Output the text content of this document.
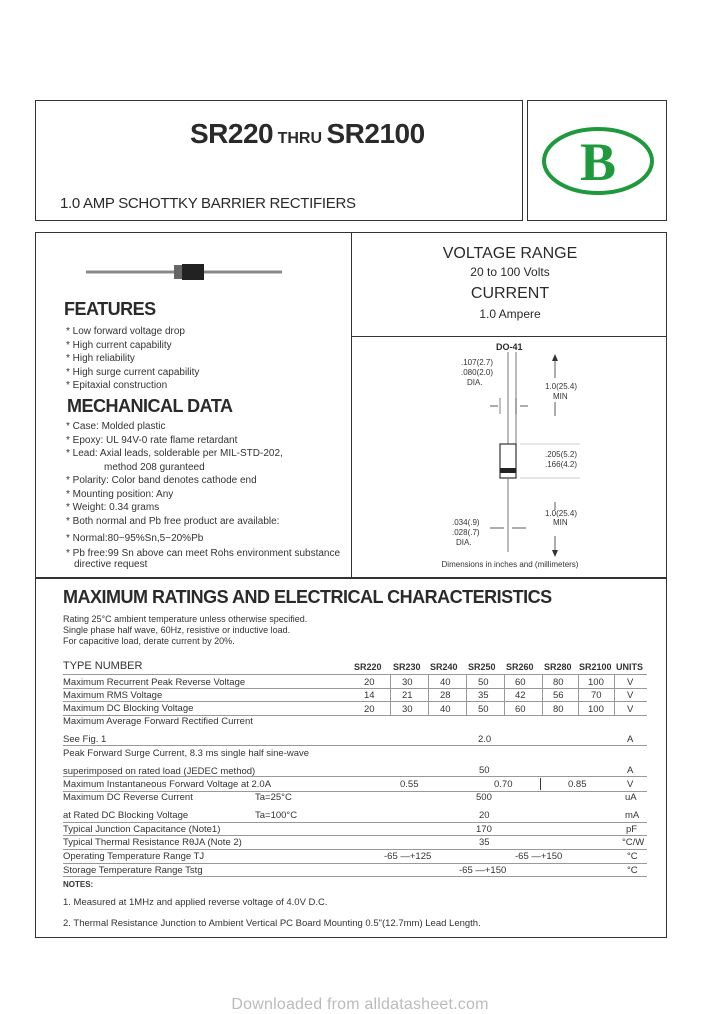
SR220 THRU SR2100
1.0 AMP SCHOTTKY BARRIER RECTIFIERS
B
VOLTAGE RANGE
20 to 100 Volts
CURRENT
1.0 Ampere
FEATURES
* Low forward voltage drop
* High current capability
* High reliability
* High surge current capability
* Epitaxial construction
MECHANICAL DATA
* Case: Molded plastic
* Epoxy: UL 94V-0 rate flame retardant
* Lead: Axial leads, solderable per MIL-STD-202,
method 208 guranteed
* Polarity: Color band denotes cathode end
* Mounting position: Any
* Weight: 0.34 grams
* Both normal and Pb free product are available:
* Normal:80~95%Sn,5~20%Pb
* Pb free:99 Sn above can meet Rohs environment substance
directive request
DO-41
.107(2.7)
.080(2.0)
DIA.	1.0(25.4)
MIN
.205(5.2)
.166(4.2)
1.0(25.4)
MIN
.034(.9)
.028(.7)
DIA.
Dimensions in inches and (millimeters)
MAXIMUM RATINGS AND ELECTRICAL CHARACTERISTICS
Rating 25°C ambient temperature unless otherwise specified.
Single phase half wave, 60Hz, resistive or inductive load.
For capacitive load, derate current by 20%.
TYPE NUMBER	SR220 SR230 SR240 SR250 SR260 SR280 SR2100 UNITS
Maximum Recurrent Peak Reverse Voltage	20	30	40	50	60	80	100 V
Maximum RMS Voltage	14	21	28	35	42	56	70	V
Maximum DC Blocking Voltage	20	30	40	50	60	80	100 V
Maximum Average Forward Rectified Current
See Fig. 1	2.0	A
Peak Forward Surge Current, 8.3 ms single half sine-wave
superimposed on rated load (JEDEC method)	50	A
Maximum Instantaneous Forward Voltage at 2.0A	0.55	0.70	0.85	V
Maximum DC Reverse Current	Ta=25°C	500	uA
at Rated DC Blocking Voltage	Ta=100°C	20	mA
Typical Junction Capacitance (Note1)	170	pF
Typical Thermal Resistance RθJA (Note 2)	35	°C/W
Operating Temperature Range TJ	-65 —+125	-65 —+150	°C
Storage Temperature Range Tstg	-65 —+150	°C
NOTES:
1. Measured at 1MHz and applied reverse voltage of 4.0V D.C.
2. Thermal Resistance Junction to Ambient Vertical PC Board Mounting 0.5"(12.7mm) Lead Length.
Downloaded from alldatasheet.com
